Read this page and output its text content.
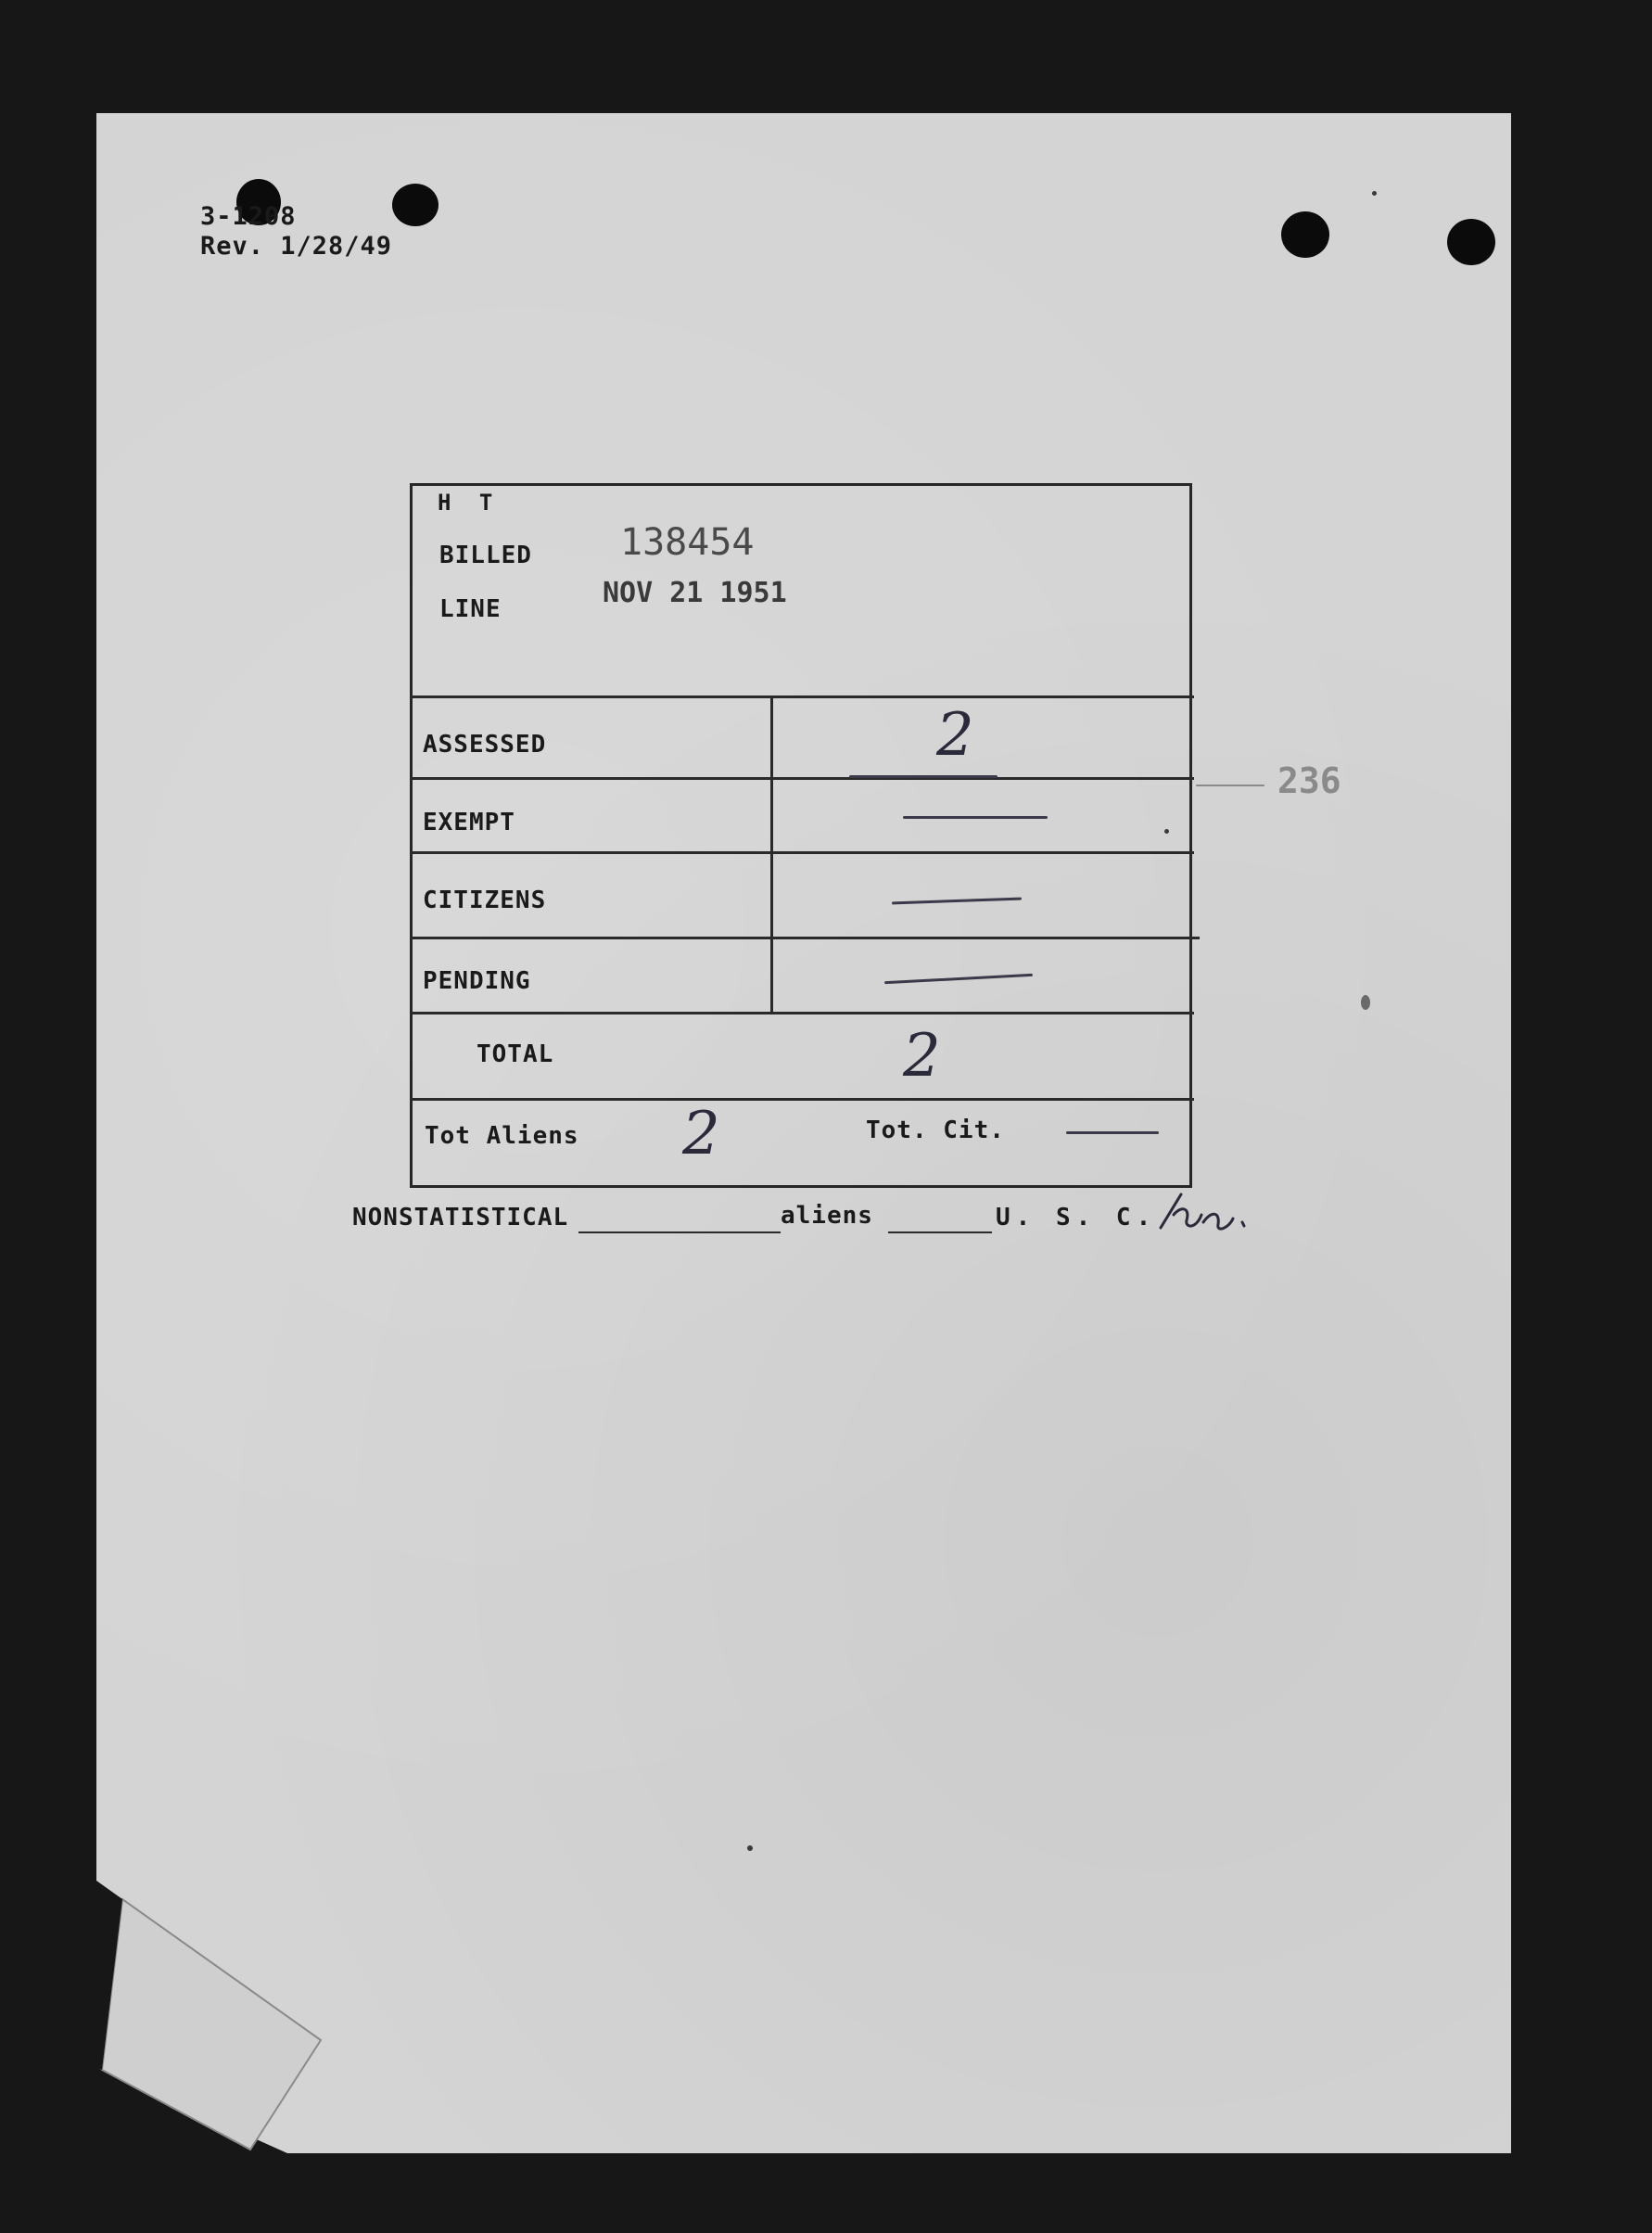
3-1208
Rev. 1/28/49
H T
BILLED 138454
LINE	NOV 21 1951
ASSESSED	2
EXEMPT
CITIZENS
PENDING
TOTAL	2
Tot Aliens 2	Tot. Cit.
NONSTATISTICAL	aliens	U. S. C.
236
